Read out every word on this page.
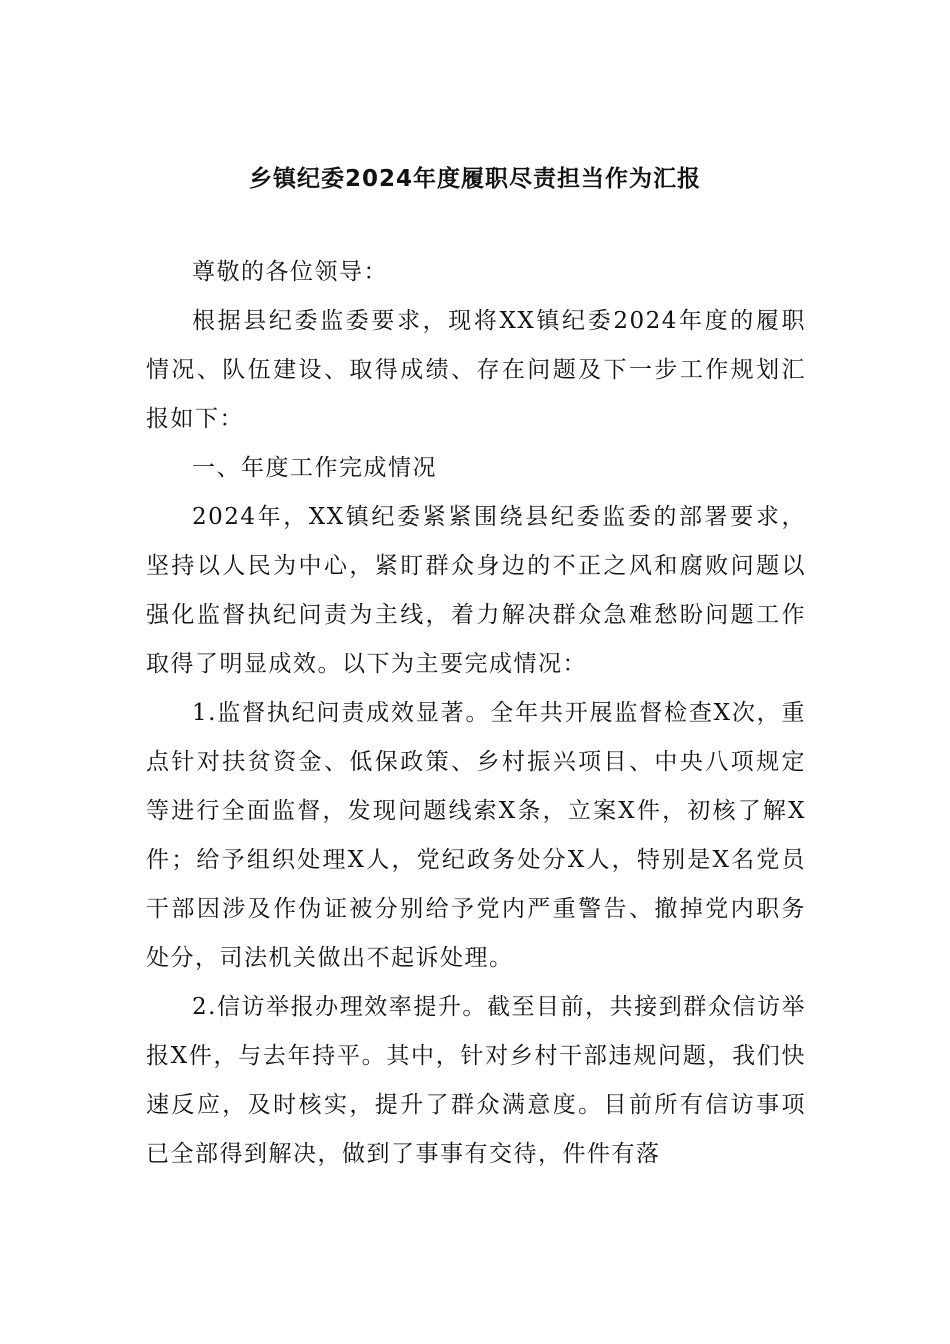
乡镇纪委2024年度履职尽责担当作为汇报

尊敬的各位领导：

根据县纪委监委要求，现将XX镇纪委2024年度的履职情况、队伍建设、取得成绩、存在问题及下一步工作规划汇报如下：

一、年度工作完成情况

2024年，XX镇纪委紧紧围绕县纪委监委的部署要求，坚持以人民为中心，紧盯群众身边的不正之风和腐败问题以强化监督执纪问责为主线，着力解决群众急难愁盼问题工作取得了明显成效。以下为主要完成情况：

1.监督执纪问责成效显著。全年共开展监督检查X次，重点针对扶贫资金、低保政策、乡村振兴项目、中央八项规定等进行全面监督，发现问题线索X条，立案X件，初核了解X件；给予组织处理X人，党纪政务处分X人，特别是X名党员干部因涉及作伪证被分别给予党内严重警告、撤掉党内职务处分，司法机关做出不起诉处理。

2.信访举报办理效率提升。截至目前，共接到群众信访举报X件，与去年持平。其中，针对乡村干部违规问题，我们快速反应，及时核实，提升了群众满意度。目前所有信访事项已全部得到解决，做到了事事有交待，件件有落
